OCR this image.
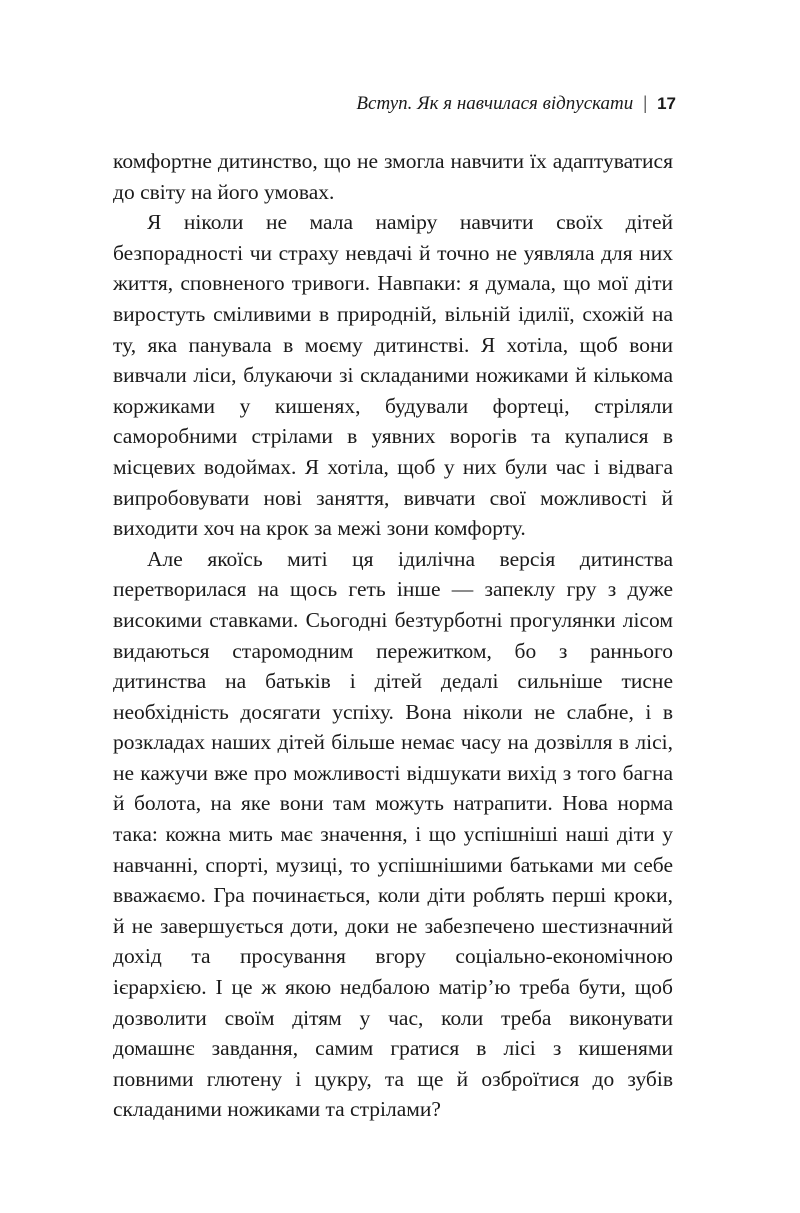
Вступ. Як я навчилася відпускати | 17

комфортне дитинство, що не змогла навчити їх адаптуватися до світу на його умовах.

Я ніколи не мала наміру навчити своїх дітей безпорадності чи страху невдачі й точно не уявляла для них життя, сповненого тривоги. Навпаки: я думала, що мої діти виростуть сміливими в природній, вільній ідилії, схожій на ту, яка панувала в моєму дитинстві. Я хотіла, щоб вони вивчали ліси, блукаючи зі складаними ножиками й кількома коржиками у кишенях, будували фортеці, стріляли саморобними стрілами в уявних ворогів та купалися в місцевих водоймах. Я хотіла, щоб у них були час і відвага випробовувати нові заняття, вивчати свої можливості й виходити хоч на крок за межі зони комфорту.

Але якоїсь миті ця ідилічна версія дитинства перетворилася на щось геть інше — запеклу гру з дуже високими ставками. Сьогодні безтурботні прогулянки лісом видаються старомодним пережитком, бо з раннього дитинства на батьків і дітей дедалі сильніше тисне необхідність досягати успіху. Вона ніколи не слабне, і в розкладах наших дітей більше немає часу на дозвілля в лісі, не кажучи вже про можливості відшукати вихід з того багна й болота, на яке вони там можуть натрапити. Нова норма така: кожна мить має значення, і що успішніші наші діти у навчанні, спорті, музиці, то успішнішими батьками ми себе вважаємо. Гра починається, коли діти роблять перші кроки, й не завершується доти, доки не забезпечено шестизначний дохід та просування вгору соціально-економічною ієрархією. І це ж якою недбалою матір’ю треба бути, щоб дозволити своїм дітям у час, коли треба виконувати домашнє завдання, самим гратися в лісі з кишенями повними глютену і цукру, та ще й озброїтися до зубів складаними ножиками та стрілами?
